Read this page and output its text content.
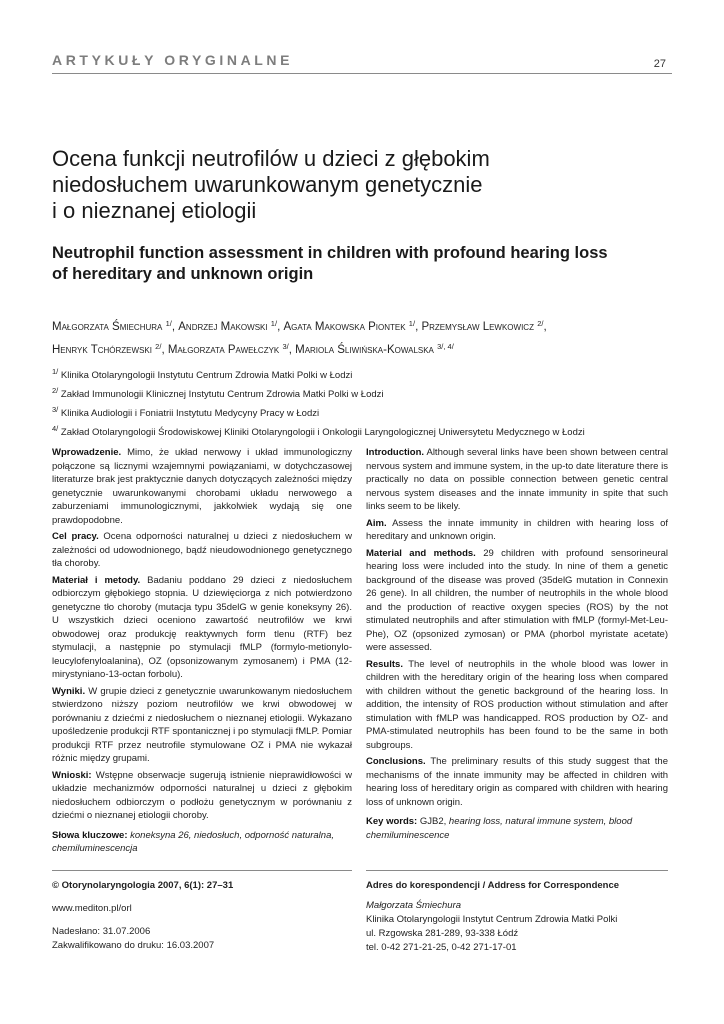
ARTYKUŁY ORYGINALNE	27
Ocena funkcji neutrofilów u dzieci z głębokim
niedosłuchem uwarunkowanym genetycznie
i o nieznanej etiologii
Neutrophil function assessment in children with profound hearing loss
of hereditary and unknown origin
Małgorzata Śmiechura $^{1/}$, Andrzej Makowski $^{1/}$, Agata Makowska Piontek $^{1/}$, Przemysław Lewkowicz $^{2/}$,
Henryk Tchórzewski $^{2/}$, Małgorzata Pawełczyk $^{3/}$, Mariola Śliwińska-Kowalska $^{3/, 4/}$
$^{1/}$ Klinika Otolaryngologii Instytutu Centrum Zdrowia Matki Polki w Łodzi
$^{2/}$ Zakład Immunologii Klinicznej Instytutu Centrum Zdrowia Matki Polki w Łodzi
$^{3/}$ Klinika Audiologii i Foniatrii Instytutu Medycyny Pracy w Łodzi
$^{4/}$ Zakład Otolaryngologii Środowiskowej Kliniki Otolaryngologii i Onkologii Laryngologicznej Uniwersytetu Medycznego w Łodzi

Wprowadzenie. Mimo, że układ nerwowy i układ immunologiczny połączone są licznymi wzajemnymi powiązaniami, w dotychczasowej literaturze brak jest praktycznie danych dotyczących zależności między genetycznie uwarunkowanymi chorobami układu nerwowego a zaburzeniami immunologicznymi, jakkolwiek wydają się one prawdopodobne.

Cel pracy. Ocena odporności naturalnej u dzieci z niedosłuchem w zależności od udowodnionego, bądź nieudowodnionego genetycznego tła choroby.

Materiał i metody. Badaniu poddano 29 dzieci z niedosłuchem odbiorczym głębokiego stopnia. U dziewięciorga z nich potwierdzono genetyczne tło choroby (mutacja typu 35delG w genie koneksyny 26). U wszystkich dzieci oceniono zawartość neutrofilów we krwi obwodowej oraz produkcję reaktywnych form tlenu (RTF) bez stymulacji, a następnie po stymulacji fMLP (formylo-metionylo-leucylofenyloalanina), OZ (opsonizowanym zymosanem) i PMA (12-mirystyniano-13-octan forbolu).

Wyniki. W grupie dzieci z genetycznie uwarunkowanym niedosłuchem stwierdzono niższy poziom neutrofilów we krwi obwodowej w porównaniu z dziećmi z niedosłuchem o nieznanej etiologii. Wykazano upośledzenie produkcji RTF spontanicznej i po stymulacji fMLP. Pomiar produkcji RTF przez neutrofile stymulowane OZ i PMA nie wykazał różnic między grupami.

Wnioski: Wstępne obserwacje sugerują istnienie nieprawidłowości w układzie mechanizmów odporności naturalnej u dzieci z głębokim niedosłuchem odbiorczym o podłożu genetycznym w porównaniu z dziećmi o nieznanej etiologii choroby.

Słowa kluczowe: koneksyna 26, niedosłuch, odporność naturalna, chemiluminescencja

Introduction. Although several links have been shown between central nervous system and immune system, in the up-to date literature there is practically no data on possible connection between genetic central nervous system diseases and the innate immunity in spite that such links seem to be likely.

Aim. Assess the innate immunity in children with hearing loss of hereditary and unknown origin.

Material and methods. 29 children with profound sensorineural hearing loss were included into the study. In nine of them a genetic background of the disease was proved (35delG mutation in Connexin 26 gene). In all children, the number of neutrophils in the whole blood and the production of reactive oxygen species (ROS) by the not stimulated neutrophils and after stimulation with fMLP (formyl-Met-Leu-Phe), OZ (opsonized zymosan) or PMA (phorbol myristate acetate) were assessed.

Results. The level of neutrophils in the whole blood was lower in children with the hereditary origin of the hearing loss when compared with children without the genetic background of the hearing loss. In addition, the intensity of ROS production without stimulation and after stimulation with fMLP was handicapped. ROS production by OZ- and PMA-stimulated neutrophils has been found to be the same in both subgroups.

Conclusions. The preliminary results of this study suggest that the mechanisms of the innate immunity may be affected in children with hearing loss of hereditary origin as compared with children with hearing loss of unknown origin.

Key words: GJB2, hearing loss, natural immune system, blood chemiluminescence

© Otorynolaryngologia 2007, 6(1): 27–31
www.mediton.pl/orl
Nadesłano: 31.07.2006
Zakwalifikowano do druku: 16.03.2007
Adres do korespondencji / Address for Correspondence
Małgorzata Śmiechura
Klinika Otolaryngologii Instytut Centrum Zdrowia Matki Polki
ul. Rzgowska 281-289, 93-338 Łódź
tel. 0-42 271-21-25, 0-42 271-17-01
